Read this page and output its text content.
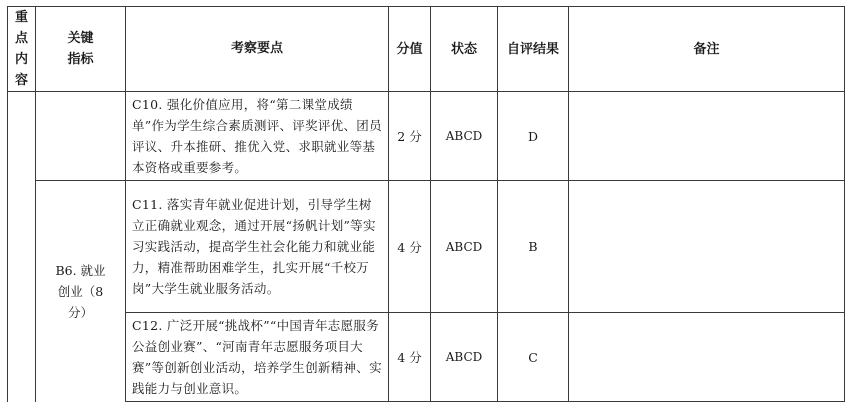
重点内容	关键指标	考察要点	分值	状态	自评结果	备注
		C10. 强化价值应用，将“第二课堂成绩单”作为学生综合素质测评、评奖评优、团员评议、升本推研、推优入党、求职就业等基本资格或重要参考。	2 分	ABCD	D	
	B6. 就业创业（8 分）	C11. 落实青年就业促进计划，引导学生树立正确就业观念，通过开展“扬帆计划”等实习实践活动，提高学生社会化能力和就业能力，精准帮助困难学生，扎实开展“千校万岗”大学生就业服务活动。	4 分	ABCD	B	
		C12. 广泛开展“挑战杯”“中国青年志愿服务公益创业赛”、“河南青年志愿服务项目大赛”等创新创业活动，培养学生创新精神、实践能力与创业意识。	4 分	ABCD	C	
